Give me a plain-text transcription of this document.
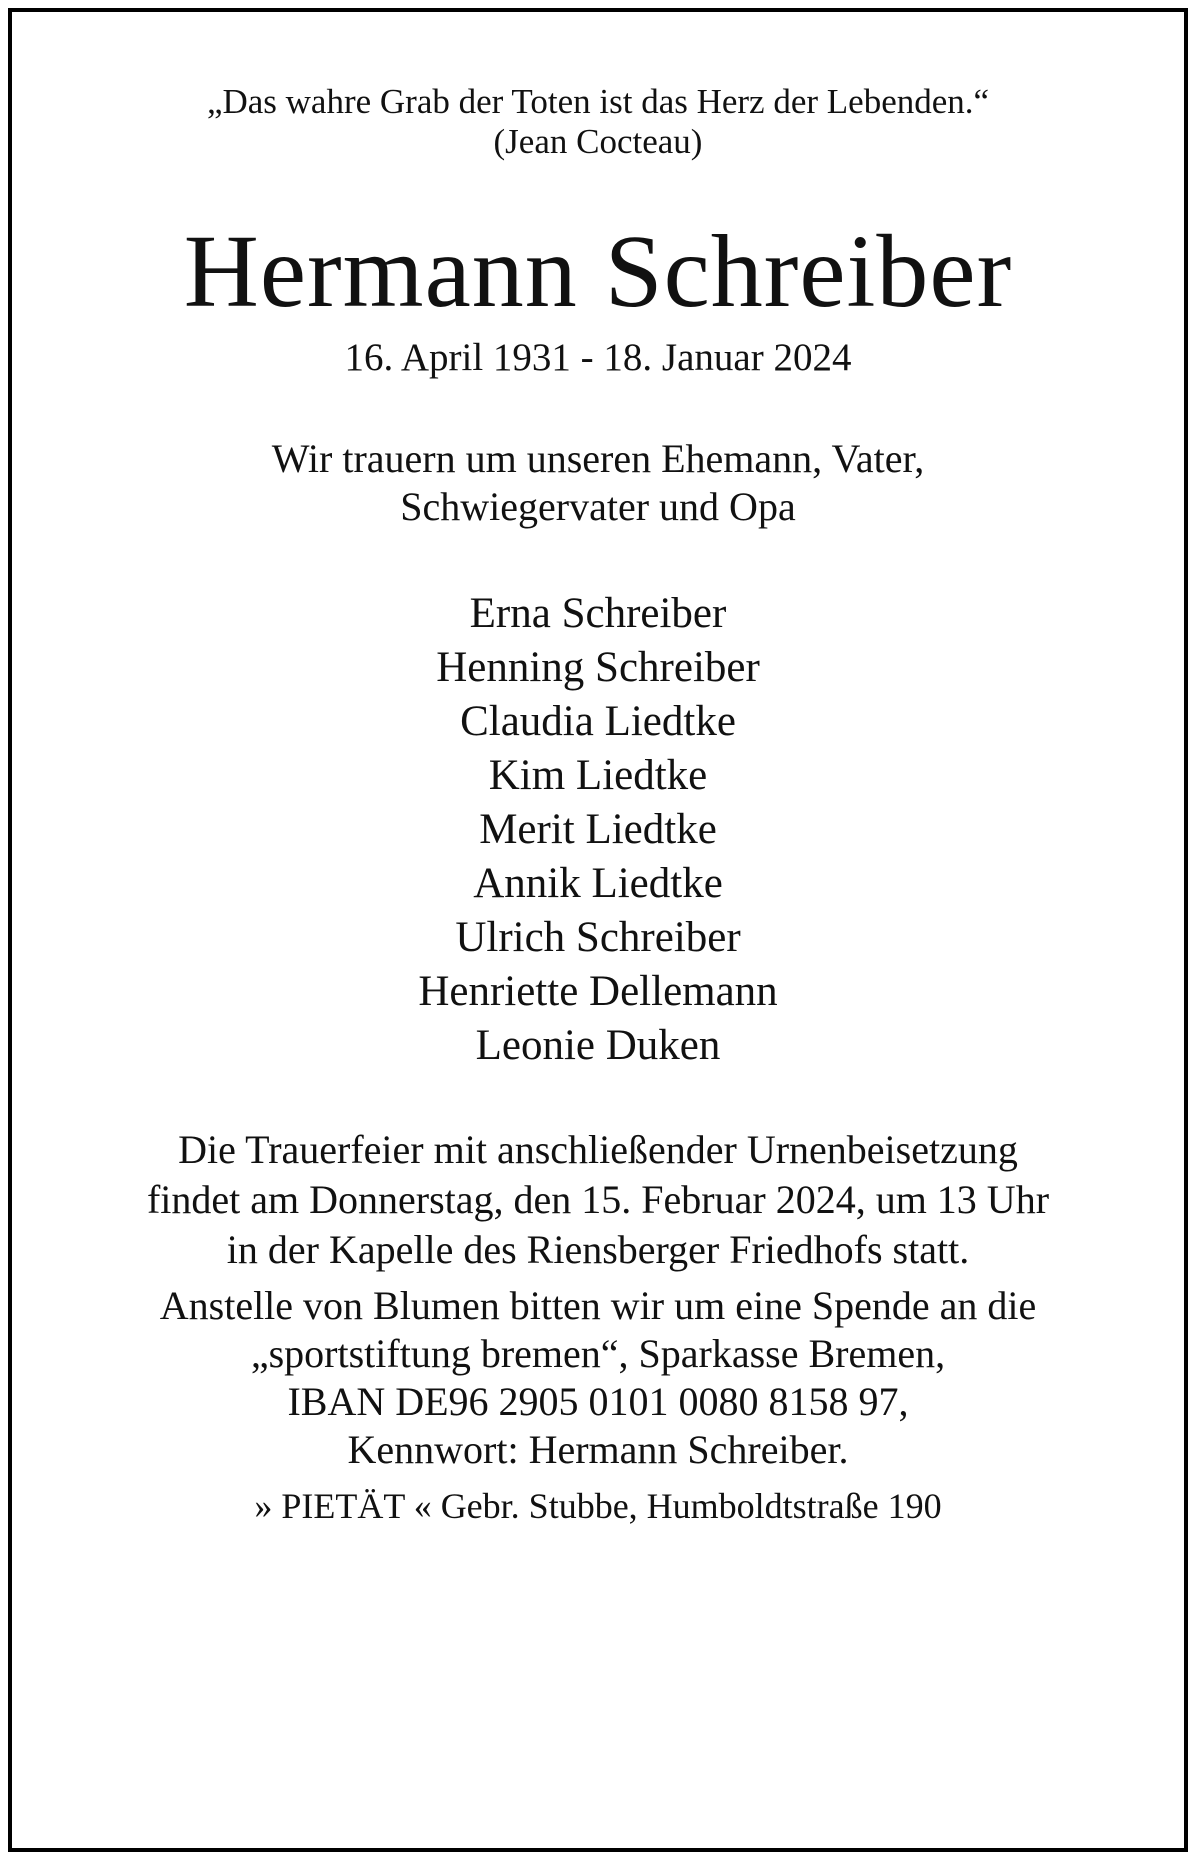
„Das wahre Grab der Toten ist das Herz der Lebenden.“
(Jean Cocteau)
Hermann Schreiber
16. April 1931 - 18. Januar 2024
Wir trauern um unseren Ehemann, Vater,
Schwiegervater und Opa
Erna Schreiber
Henning Schreiber
Claudia Liedtke
Kim Liedtke
Merit Liedtke
Annik Liedtke
Ulrich Schreiber
Henriette Dellemann
Leonie Duken
Die Trauerfeier mit anschließender Urnenbeisetzung
findet am Donnerstag, den 15. Februar 2024, um 13 Uhr
in der Kapelle des Riensberger Friedhofs statt.
Anstelle von Blumen bitten wir um eine Spende an die
„sportstiftung bremen“, Sparkasse Bremen,
IBAN DE96 2905 0101 0080 8158 97,
Kennwort: Hermann Schreiber.
» PIETÄT « Gebr. Stubbe, Humboldtstraße 190
